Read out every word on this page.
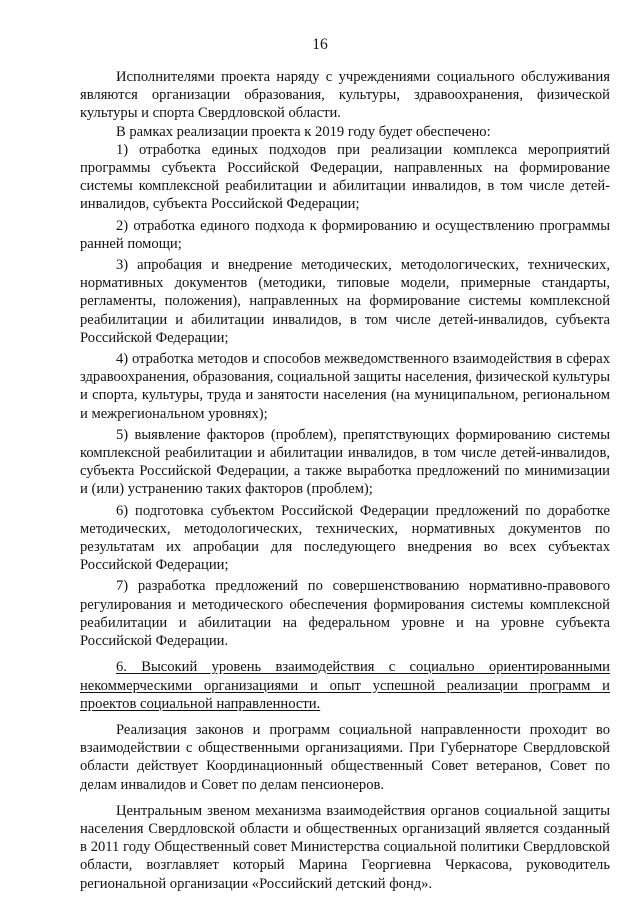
16

Исполнителями проекта наряду с учреждениями социального обслуживания являются организации образования, культуры, здравоохранения, физической культуры и спорта Свердловской области.

В рамках реализации проекта к 2019 году будет обеспечено:

1) отработка единых подходов при реализации комплекса мероприятий программы субъекта Российской Федерации, направленных на формирование системы комплексной реабилитации и абилитации инвалидов, в том числе детей-инвалидов, субъекта Российской Федерации;

2) отработка единого подхода к формированию и осуществлению программы ранней помощи;

3) апробация и внедрение методических, методологических, технических, нормативных документов (методики, типовые модели, примерные стандарты, регламенты, положения), направленных на формирование системы комплексной реабилитации и абилитации инвалидов, в том числе детей-инвалидов, субъекта Российской Федерации;

4) отработка методов и способов межведомственного взаимодействия в сферах здравоохранения, образования, социальной защиты населения, физической культуры и спорта, культуры, труда и занятости населения (на муниципальном, региональном и межрегиональном уровнях);

5) выявление факторов (проблем), препятствующих формированию системы комплексной реабилитации и абилитации инвалидов, в том числе детей-инвалидов, субъекта Российской Федерации, а также выработка предложений по минимизации и (или) устранению таких факторов (проблем);

6) подготовка субъектом Российской Федерации предложений по доработке методических, методологических, технических, нормативных документов по результатам их апробации для последующего внедрения во всех субъектах Российской Федерации;

7) разработка предложений по совершенствованию нормативно-правового регулирования и методического обеспечения формирования системы комплексной реабилитации и абилитации на федеральном уровне и на уровне субъекта Российской Федерации.

6. Высокий уровень взаимодействия с социально ориентированными некоммерческими организациями и опыт успешной реализации программ и проектов социальной направленности.

Реализация законов и программ социальной направленности проходит во взаимодействии с общественными организациями. При Губернаторе Свердловской области действует Координационный общественный Совет ветеранов, Совет по делам инвалидов и Совет по делам пенсионеров.

Центральным звеном механизма взаимодействия органов социальной защиты населения Свердловской области и общественных организаций является созданный в 2011 году Общественный совет Министерства социальной политики Свердловской области, возглавляет который Марина Георгиевна Черкасова, руководитель региональной организации «Российский детский фонд».
